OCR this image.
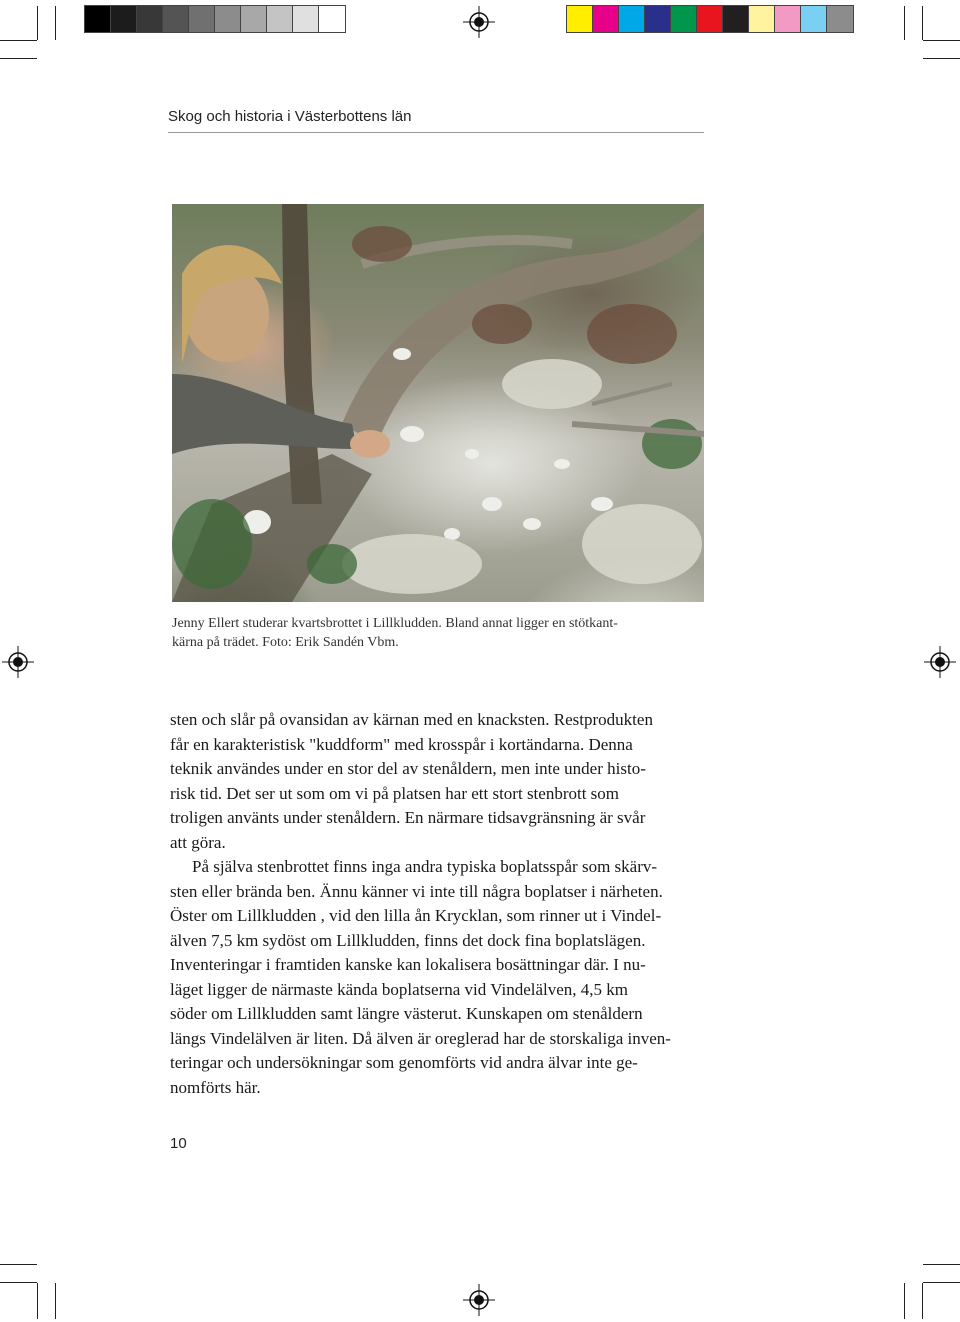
Skog och historia i Västerbottens län
Jenny Ellert studerar kvartsbrottet i Lillkludden. Bland annat ligger en stötkant-
kärna på trädet. Foto: Erik Sandén Vbm.
sten och slår på ovansidan av kärnan med en knacksten. Restprodukten
får en karakteristisk "kuddform" med krosspår i kortändarna. Denna
teknik användes under en stor del av stenåldern, men inte under histo-
risk tid. Det ser ut som om vi på platsen har ett stort stenbrott som
troligen använts under stenåldern. En närmare tidsavgränsning är svår
att göra.
På själva stenbrottet finns inga andra typiska boplatsspår som skärv-
sten eller brända ben. Ännu känner vi inte till några boplatser i närheten.
Öster om Lillkludden , vid den lilla ån Krycklan, som rinner ut i Vindel-
älven 7,5 km sydöst om Lillkludden, finns det dock fina boplatslägen.
Inventeringar i framtiden kanske kan lokalisera bosättningar där. I nu-
läget ligger de närmaste kända boplatserna vid Vindelälven, 4,5 km
söder om Lillkludden samt längre västerut. Kunskapen om stenåldern
längs Vindelälven är liten. Då älven är oreglerad har de storskaliga inven-
teringar och undersökningar som genomförts vid andra älvar inte ge-
nomförts här.
10
